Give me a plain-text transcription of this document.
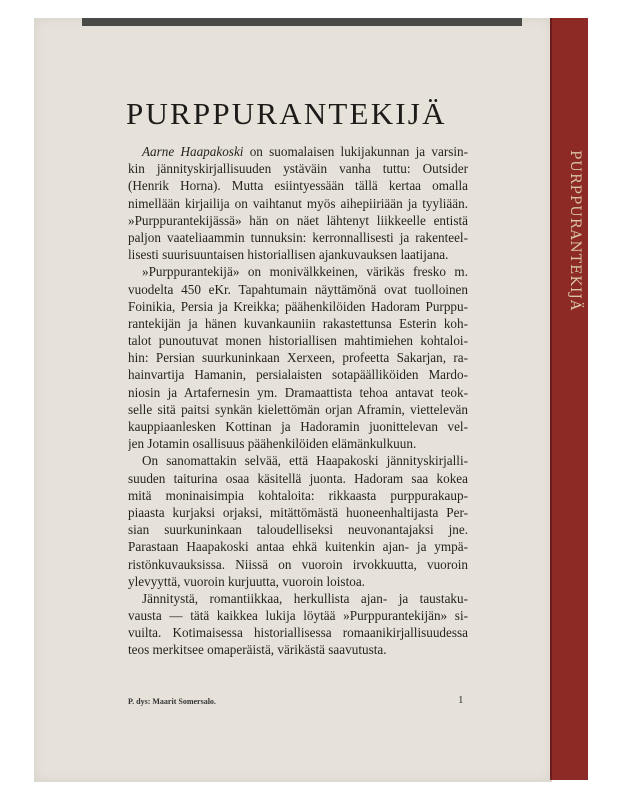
PURPPURANTEKIJÄ
PURPPURANTEKIJÄ
Aarne Haapakoski on suomalaisen lukijakunnan ja varsin-
kin jännityskirjallisuuden ystäväin vanha tuttu: Outsider
(Henrik Horna). Mutta esiintyessään tällä kertaa omalla
nimellään kirjailija on vaihtanut myös aihepiiriään ja tyyliään.
»Purppurantekijässä» hän on näet lähtenyt liikkeelle entistä
paljon vaateliaammin tunnuksin: kerronnallisesti ja rakenteel-
lisesti suurisuuntaisen historiallisen ajankuvauksen laatijana.
»Purppurantekijä» on monivälkkeinen, värikäs fresko m.
vuodelta 450 eKr. Tapahtumain näyttämönä ovat tuolloinen
Foinikia, Persia ja Kreikka; päähenkilöiden Hadoram Purppu-
rantekijän ja hänen kuvankauniin rakastettunsa Esterin koh-
talot punoutuvat monen historiallisen mahtimiehen kohtaloi-
hin: Persian suurkuninkaan Xerxeen, profeetta Sakarjan, ra-
hainvartija Hamanin, persialaisten sotapäälliköiden Mardo-
niosin ja Artafernesin ym. Dramaattista tehoa antavat teok-
selle sitä paitsi synkän kielettömän orjan Aframin, viettelevän
kauppiaanlesken Kottinan ja Hadoramin juonittelevan vel-
jen Jotamin osallisuus päähenkilöiden elämänkulkuun.
On sanomattakin selvää, että Haapakoski jännityskirjalli-
suuden taiturina osaa käsitellä juonta. Hadoram saa kokea
mitä moninaisimpia kohtaloita: rikkaasta purppurakaup-
piaasta kurjaksi orjaksi, mitättömästä huoneenhaltijasta Per-
sian suurkuninkaan taloudelliseksi neuvonantajaksi jne.
Parastaan Haapakoski antaa ehkä kuitenkin ajan- ja ympä-
ristönkuvauksissa. Niissä on vuoroin irvokkuutta, vuoroin
ylevyyttä, vuoroin kurjuutta, vuoroin loistoa.
Jännitystä, romantiikkaa, herkullista ajan- ja taustaku-
vausta — tätä kaikkea lukija löytää »Purppurantekijän» si-
vuilta. Kotimaisessa historiallisessa romaanikirjallisuudessa
teos merkitsee omaperäistä, värikästä saavutusta.
P. dys: Maarit Somersalo.	1
